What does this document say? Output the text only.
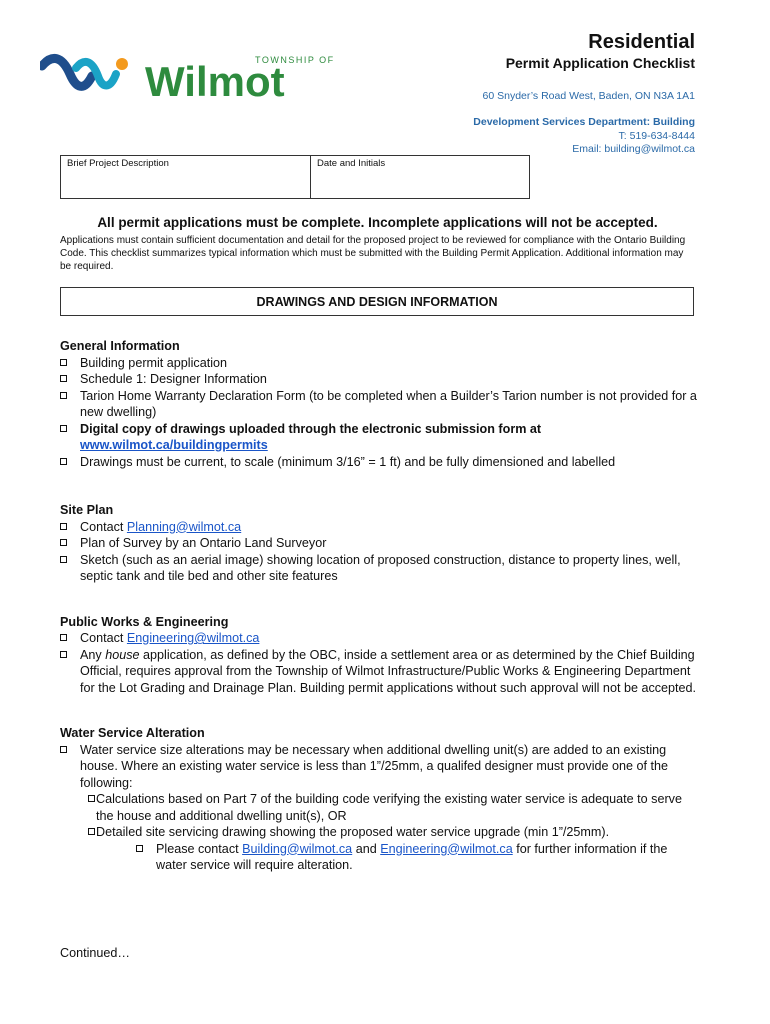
TOWNSHIP OF
Wilmot
Residential
Permit Application Checklist
60 Snyder’s Road West, Baden, ON N3A 1A1
Development Services Department: Building
T: 519-634-8444
Email: building@wilmot.ca
Brief Project Description	Date and Initials
All permit applications must be complete. Incomplete applications will not be accepted.
Applications must contain sufficient documentation and detail for the proposed project to be reviewed for compliance with the Ontario Building Code. This checklist summarizes typical information which must be submitted with the Building Permit Application. Additional information may be required.
DRAWINGS AND DESIGN INFORMATION
General Information
Building permit application
Schedule 1: Designer Information
Tarion Home Warranty Declaration Form (to be completed when a Builder’s Tarion number is not provided for a new dwelling)
Digital copy of drawings uploaded through the electronic submission form at
www.wilmot.ca/buildingpermits
Drawings must be current, to scale (minimum 3/16” = 1 ft) and be fully dimensioned and labelled
Site Plan
Contact Planning@wilmot.ca
Plan of Survey by an Ontario Land Surveyor
Sketch (such as an aerial image) showing location of proposed construction, distance to property lines, well, septic tank and tile bed and other site features
Public Works & Engineering
Contact Engineering@wilmot.ca
Any house application, as defined by the OBC, inside a settlement area or as determined by the Chief Building Official, requires approval from the Township of Wilmot Infrastructure/Public Works & Engineering Department for the Lot Grading and Drainage Plan. Building permit applications without such approval will not be accepted.
Water Service Alteration
Water service size alterations may be necessary when additional dwelling unit(s) are added to an existing house. Where an existing water service is less than 1”/25mm, a qualifed designer must provide one of the following:
Calculations based on Part 7 of the building code verifying the existing water service is adequate to serve the house and additional dwelling unit(s), OR
Detailed site servicing drawing showing the proposed water service upgrade (min 1”/25mm).
Please contact Building@wilmot.ca and Engineering@wilmot.ca for further information if the water service will require alteration.
Continued…
